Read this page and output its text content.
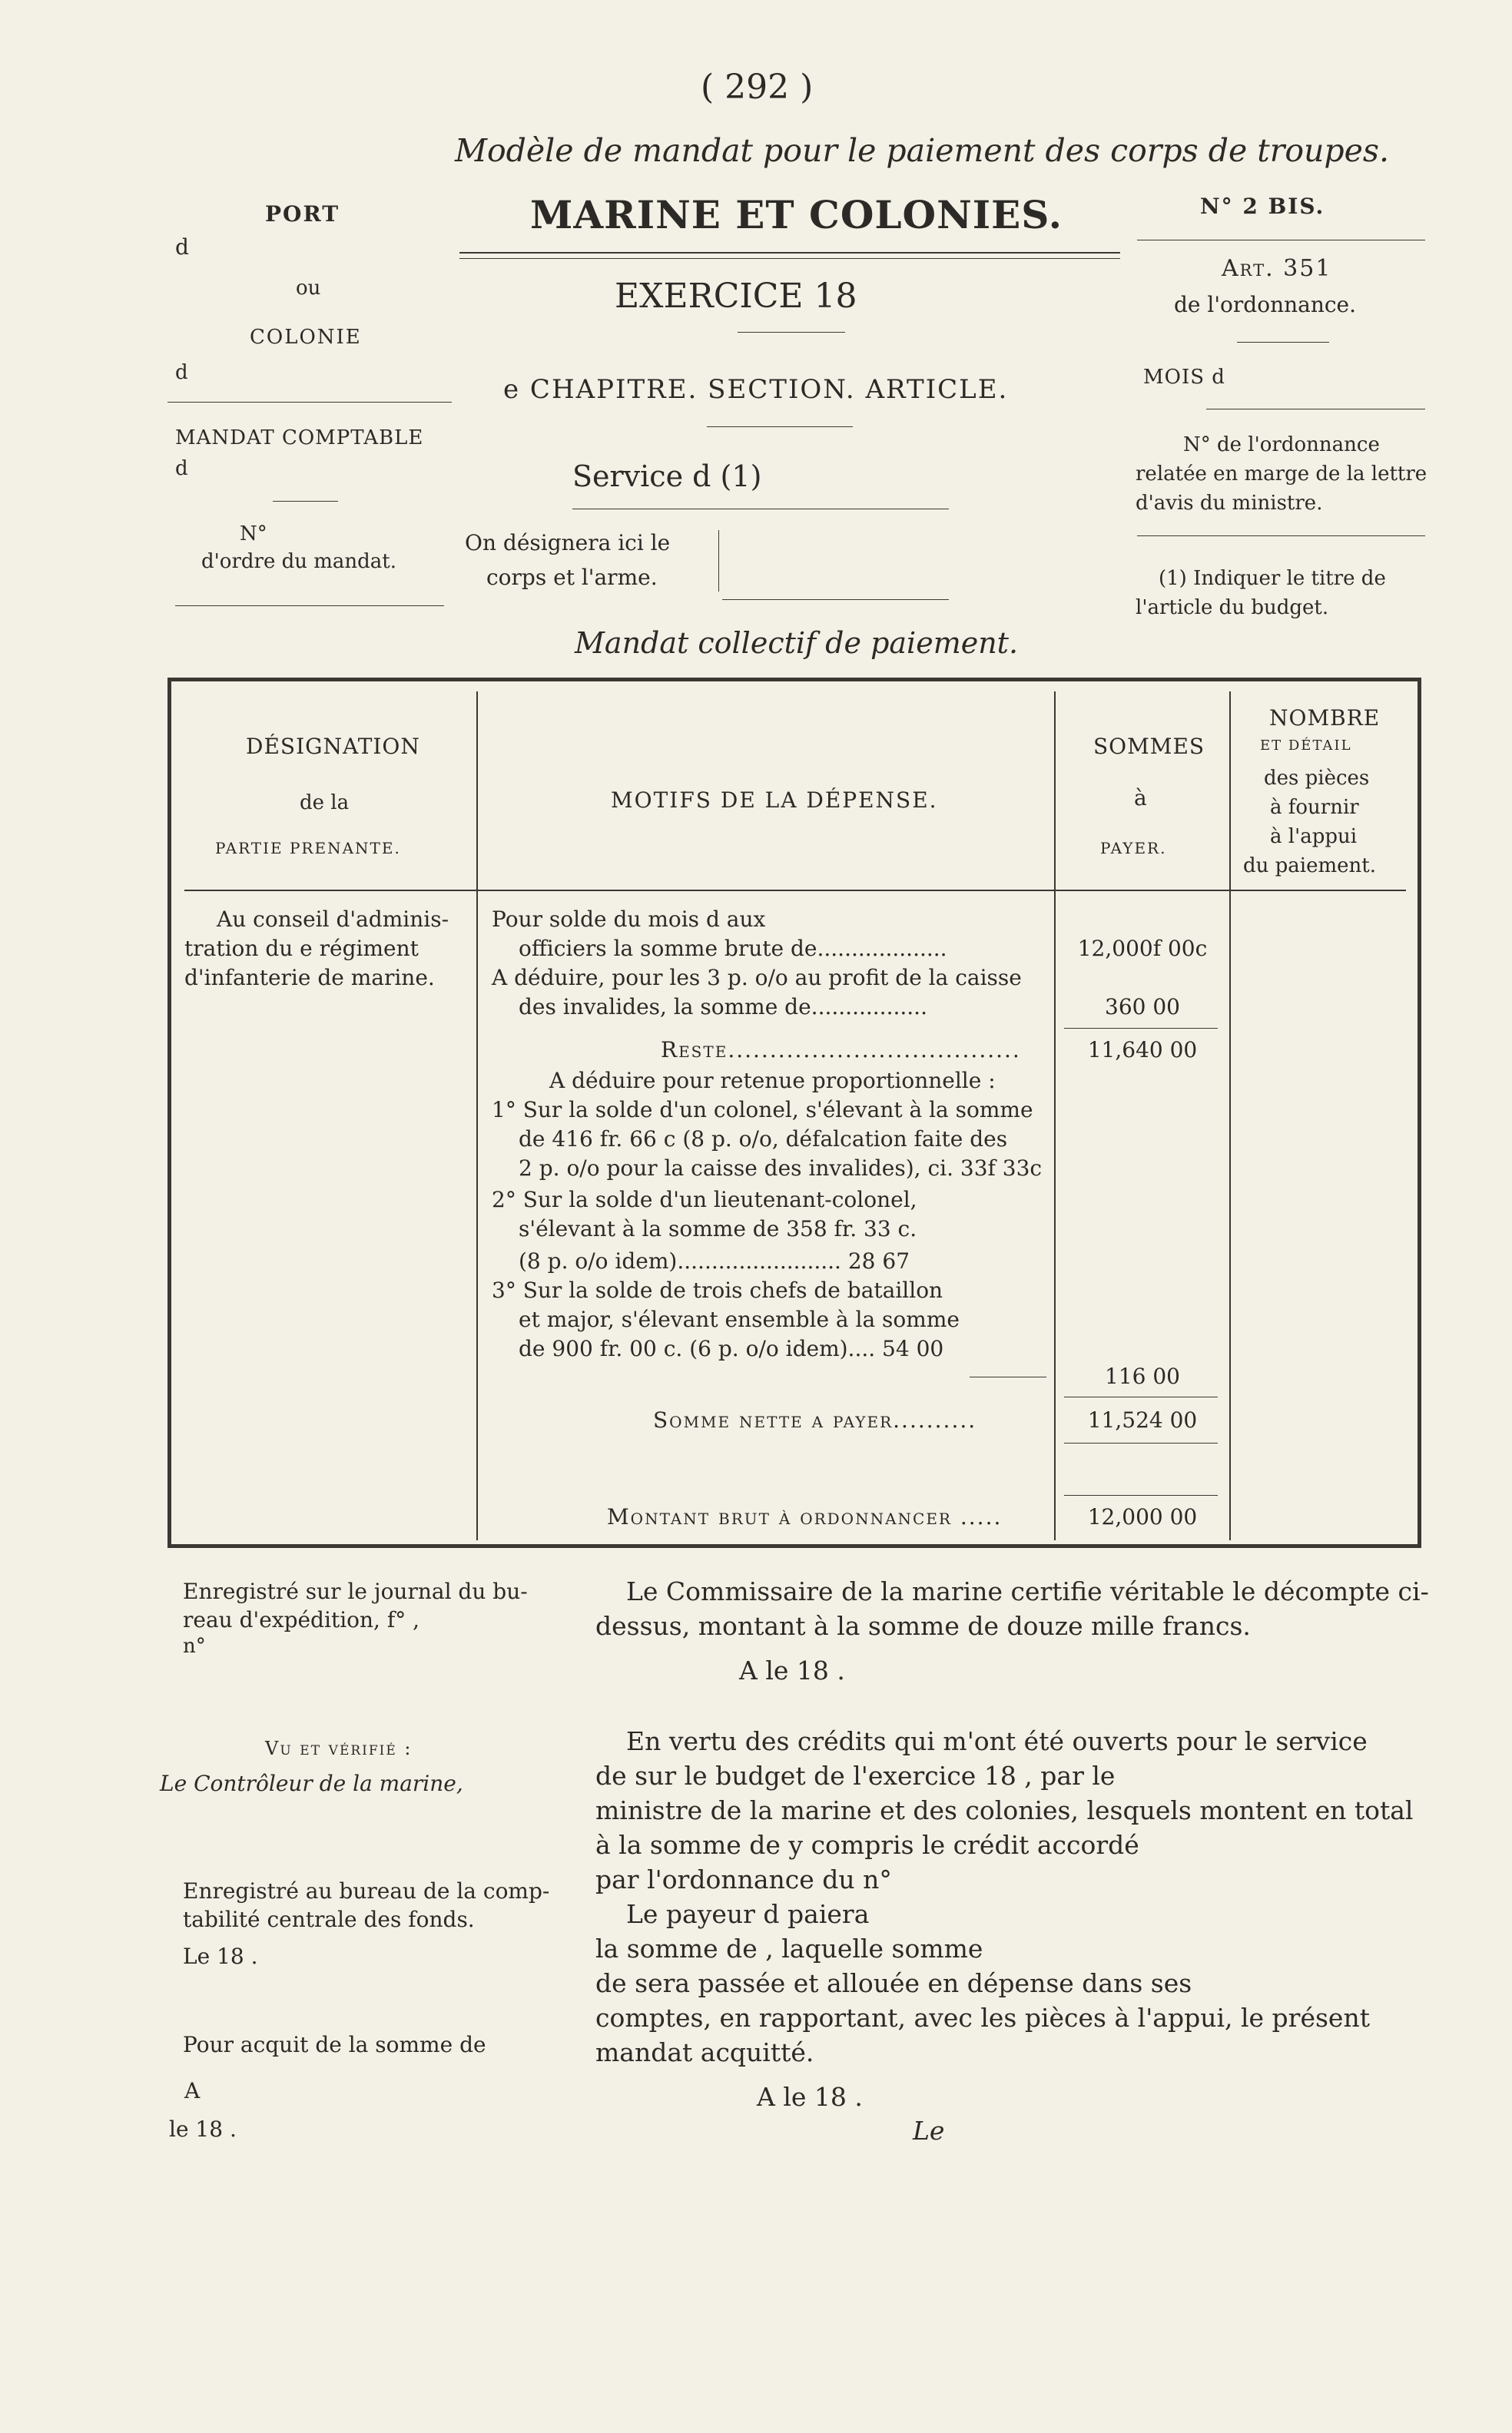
( 292 )
Modèle de mandat pour le paiement des corps de troupes.
PORT
d
ou
COLONIE
d
MARINE ET COLONIES.
EXERCICE 18
e CHAPITRE. SECTION. ARTICLE.
Service d (1)
On désignera ici le
corps et l'arme.
Mandat collectif de paiement.
N° 2 BIS.
Art. 351
de l'ordonnance.
MOIS d
N° de l'ordonnance
relatée en marge de la lettre
d'avis du ministre.
(1) Indiquer le titre de
l'article du budget.
MANDAT COMPTABLE
d
N°
d'ordre du mandat.
DÉSIGNATION
de la
PARTIE PRENANTE.
MOTIFS DE LA DÉPENSE.
SOMMES
à
PAYER.
NOMBRE
ET DÉTAIL
des pièces
à fournir
à l'appui
du paiement.
Au conseil d'adminis-
tration du e régiment
d'infanterie de marine.
Pour solde du mois d aux
officiers la somme brute de...................
A déduire, pour les 3 p. o/o au profit de la caisse
des invalides, la somme de.................
Reste...................................
A déduire pour retenue proportionnelle :
1° Sur la solde d'un colonel, s'élevant à la somme
de 416 fr. 66 c (8 p. o/o, défalcation faite des
2 p. o/o pour la caisse des invalides), ci. 33f 33c
2° Sur la solde d'un lieutenant-colonel,
s'élevant à la somme de 358 fr. 33 c.
(8 p. o/o idem)........................ 28 67
3° Sur la solde de trois chefs de bataillon
et major, s'élevant ensemble à la somme
de 900 fr. 00 c. (6 p. o/o idem).... 54 00
Somme nette a payer..........
Montant brut à ordonnancer .....
12,000f 00c
360 00
11,640 00
116 00
11,524 00
12,000 00
Enregistré sur le journal du bu-
reau d'expédition, f° ,
n°
Vu et vérifié :
Le Contrôleur de la marine,
Enregistré au bureau de la comp-
tabilité centrale des fonds.
Le 18 .
Pour acquit de la somme de
A
le 18 .
Le Commissaire de la marine certifie véritable le décompte ci-
dessus, montant à la somme de douze mille francs.
A le 18 .
En vertu des crédits qui m'ont été ouverts pour le service
de sur le budget de l'exercice 18 , par le
ministre de la marine et des colonies, lesquels montent en total
à la somme de y compris le crédit accordé
par l'ordonnance du n°
Le payeur d paiera
la somme de , laquelle somme
de sera passée et allouée en dépense dans ses
comptes, en rapportant, avec les pièces à l'appui, le présent
mandat acquitté.
A le 18 .
Le
